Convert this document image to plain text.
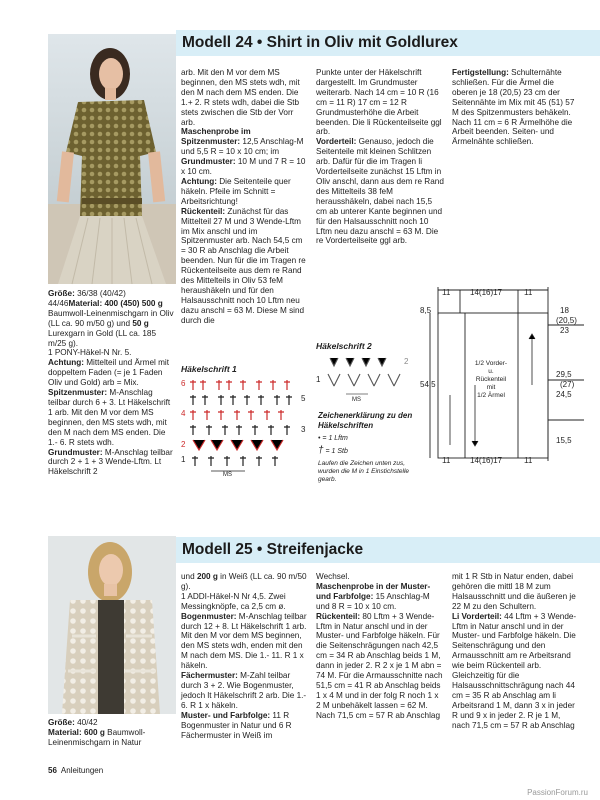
Modell 24 • Shirt in Oliv mit Goldlurex
Größe: 36/38 (40/42) 44/46Material: 400 (450) 500 g Baumwoll-Leinenmischgarn in Oliv (LL ca. 90 m/50 g) und 50 g Lurexgarn in Gold (LL ca. 185 m/25 g).
1 PONY-Häkel-N Nr. 5.
Achtung: Mittelteil und Ärmel mit doppeltem Faden (= je 1 Faden Oliv und Gold) arb = Mix.
Spitzenmuster: M-Anschlag teilbar durch 6 + 3. Lt Häkelschrift 1 arb. Mit den M vor dem MS beginnen, den MS stets wdh, mit den M nach dem MS enden. Die 1.- 6. R stets wdh.
Grundmuster: M-Anschlag teilbar durch 2 + 1 + 3 Wende-Lftm. Lt Häkelschrift 2
arb. Mit den M vor dem MS beginnen, den MS stets wdh, mit den M nach dem MS enden. Die 1.+ 2. R stets wdh, dabei die Stb stets zwischen die Stb der Vorr arb.
Maschenprobe im Spitzenmuster: 12,5 Anschlag-M und 5,5 R = 10 x 10 cm; im Grundmuster: 10 M und 7 R = 10 x 10 cm.
Achtung: Die Seitenteile quer häkeln. Pfeile im Schnitt = Arbeitsrichtung!
Rückenteil: Zunächst für das Mittelteil 27 M und 3 Wende-Lftm im Mix anschl und im Spitzenmuster arb. Nach 54,5 cm = 30 R ab Anschlag die Arbeit beenden. Nun für die im Tragen re Rückenteilseite aus dem re Rand des Mittelteils in Oliv 53 feM heraushäkeln und für den Halsausschnitt noch 10 Lftm neu dazu anschl = 63 M. Diese M sind durch die
Punkte unter der Häkelschrift dargestellt. Im Grundmuster weiterarb. Nach 14 cm = 10 R (16 cm = 11 R) 17 cm = 12 R Grundmusterhöhe die Arbeit beenden. Die li Rückenteilseite ggl arb.
Vorderteil: Genauso, jedoch die Seitenteile mit kleinen Schlitzen arb. Dafür für die im Tragen li Vorderteilseite zunächst 15 Lftm in Oliv anschl, dann aus dem re Rand des Mittelteils 38 feM herausshäkeln, dabei nach 15,5 cm ab unterer Kante beginnen und für den Halsausschnitt noch 10 Lftm neu dazu anschl = 63 M. Die re Vorderteilseite ggl arb.
Fertigstellung: Schulternähte schließen. Für die Ärmel die oberen je 18 (20,5) 23 cm der Seitennähte im Mix mit 45 (51) 57 M des Spitzenmusters behäkeln. Nach 11 cm = 6 R Ärmelhöhe die Arbeit beenden. Seiten- und Ärmelnähte schließen.
Häkelschrift 1
6
5
4
3
2
1
MS
Häkelschrift 2
2
1
MS
Zeichenerklärung zu den Häkelschriften
• = 1 Lftm
† = 1 Stb
Laufen die Zeichen unten zus, wurden die M in 1 Einstichstelle gearb.
11 14(16)17	11
8,5
54,5
18
(20,5)
23
29,5
(27)
24,5
15,5
11 14(16)17	11
1/2 Vorder-
u.
Rückenteil
mit
1/2 Ärmel
Modell 25 • Streifenjacke
Größe: 40/42
Material: 600 g Baumwoll-Leinenmischgarn in Natur
und 200 g in Weiß (LL ca. 90 m/50 g).
1 ADDI-Häkel-N Nr 4,5. Zwei Messingknöpfe, ca 2,5 cm ø.
Bogenmuster: M-Anschlag teilbar durch 12 + 8. Lt Häkelschrift 1 arb. Mit den M vor dem MS beginnen, den MS stets wdh, enden mit den M nach dem MS. Die 1.- 11. R 1 x häkeln.
Fächermuster: M-Zahl teilbar durch 3 + 2. Wie Bogenmuster, jedoch lt Häkelschrift 2 arb. Die 1.- 6. R 1 x häkeln.
Muster- und Farbfolge: 11 R Bogenmuster in Natur und 6 R Fächermuster in Weiß im
Wechsel.
Maschenprobe in der Muster- und Farbfolge: 15 Anschlag-M und 8 R = 10 x 10 cm.
Rückenteil: 80 Lftm + 3 Wende-Lftm in Natur anschl und in der Muster- und Farbfolge häkeln. Für die Seitenschrägungen nach 42,5 cm = 34 R ab Anschlag beids 1 M, dann in jeder 2. R 2 x je 1 M abn = 74 M. Für die Armausschnitte nach 51,5 cm = 41 R ab Anschlag beids 1 x 4 M und in der folg R noch 1 x 2 M unbehäkelt lassen = 62 M. Nach 71,5 cm = 57 R ab Anschlag
mit 1 R Stb in Natur enden, dabei gehören die mittl 18 M zum Halsausschnitt und die äußeren je 22 M zu den Schultern.
Li Vorderteil: 44 Lftm + 3 Wende-Lftm in Natur anschl und in der Muster- und Farbfolge häkeln. Die Seitenschrägung und den Armausschnitt am re Arbeitsrand wie beim Rückenteil arb. Gleichzeitig für die Halsausschnittschrägung nach 44 cm = 35 R ab Anschlag am li Arbeitsrand 1 M, dann 3 x in jeder R und 9 x in jeder 2. R je 1 M, nach 71,5 cm = 57 R ab Anschlag
56 Anleitungen
PassionForum.ru
